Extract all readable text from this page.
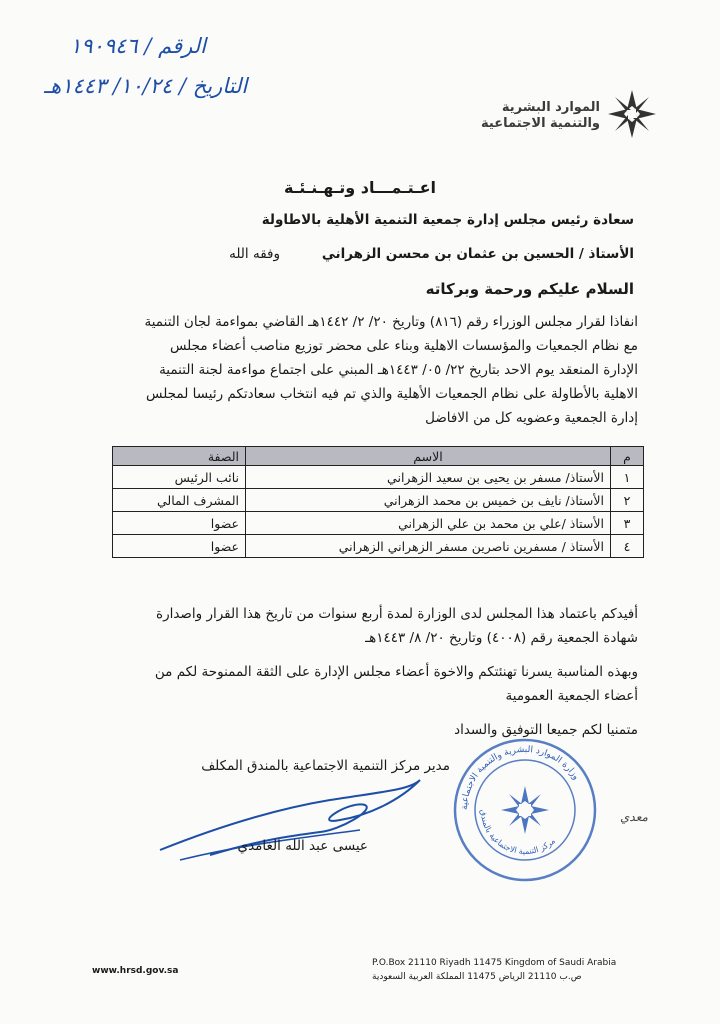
الرقم / ١٩٠٩٤٦
التاريخ / ١٠/٢٤/ ١٤٤٣هـ
الموارد البشرية
والتنمية الاجتماعية
اعـتـمـــاد وتـهـنـئـة
سعادة رئيس مجلس إدارة جمعية التنمية الأهلية بالاطاولة
الأستاذ / الحسين بن عثمان بن محسن الزهراني
وفقه الله
السلام عليكم ورحمة وبركاته
انفاذا لقرار مجلس الوزراء رقم (٨١٦) وتاريخ ٢٠/ ٢/ ١٤٤٢هـ القاضي بمواءمة لجان التنمية
مع نظام الجمعيات والمؤسسات الاهلية وبناء على محضر توزيع مناصب أعضاء مجلس
الإدارة المنعقد يوم الاحد بتاريخ ٢٢/ ٠٥/ ١٤٤٣هـ المبني على اجتماع مواءمة لجنة التنمية
الاهلية بالأطاولة على نظام الجمعيات الأهلية والذي تم فيه انتخاب سعادتكم رئيسا لمجلس
إدارة الجمعية وعضويه كل من الافاضل
م	الاسم	الصفة
١	الأستاذ/ مسفر بن يحيى بن سعيد الزهراني	نائب الرئيس
٢	الأستاذ/ نايف بن خميس بن محمد الزهراني	المشرف المالي
٣	الأستاذ /علي بن محمد بن علي الزهراني	عضوا
٤	الأستاذ / مسفرين ناصرين مسفر الزهراني الزهراني	عضوا
أفيدكم باعتماد هذا المجلس لدى الوزارة لمدة أربع سنوات من تاريخ هذا القرار واصدارة
شهادة الجمعية رقم (٤٠٠٨) وتاريخ ٢٠/ ٨/ ١٤٤٣هـ
وبهذه المناسبة يسرنا تهنئتكم والاخوة أعضاء مجلس الإدارة على الثقة الممنوحة لكم من
أعضاء الجمعية العمومية
متمنيا لكم جميعا التوفيق والسداد
مدير مركز التنمية الاجتماعية بالمندق المكلف
عيسى عبد الله الغامدي
وزارة الموارد البشرية والتنمية الاجتماعية
مركز التنمية الاجتماعية بالمندق
معدي
www.hrsd.gov.sa
P.O.Box 21110 Riyadh 11475 Kingdom of Saudi Arabia
ص.ب 21110 الرياض 11475 المملكة العربية السعودية
